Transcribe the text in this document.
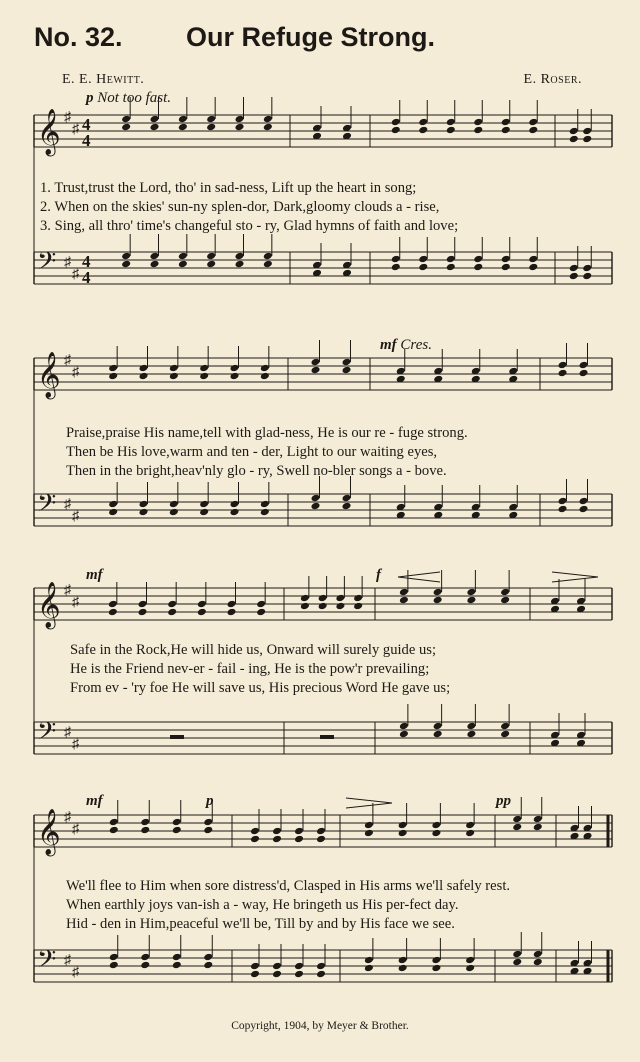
No. 32. Our Refuge Strong.
E. E. Hewitt.	E. Roser.
p Not too fast.
mf Cres.
mf	f
mf	p	pp
1. Trust,trust the Lord, tho' in sad-ness, Lift up the heart in song;
2. When on the skies' sun-ny splen-dor, Dark,gloomy clouds a - rise,
3. Sing, all thro' time's changeful sto - ry, Glad hymns of faith and love;
Praise,praise His name,tell with glad-ness, He is our re - fuge strong.
Then be His love,warm and ten - der, Light to our waiting eyes,
Then in the bright,heav'nly glo - ry, Swell no-bler songs a - bove.
Safe in the Rock,He will hide us, Onward will surely guide us;
He is the Friend nev-er - fail - ing, He is the pow'r prevailing;
From ev - 'ry foe He will save us, His precious Word He gave us;
We'll flee to Him when sore distress'd, Clasped in His arms we'll safely rest.
When earthly joys van-ish a - way, He bringeth us His per-fect day.
Hid - den in Him,peaceful we'll be, Till by and by His face we see.
𝄞 ♯
♯ 4
4
𝄢 ♯
♯
4
4
𝄞 ♯
♯
𝄢 ♯
♯
𝄞 ♯
♯
𝄢 ♯
♯
𝄞 ♯
♯
𝄢 ♯
♯
Copyright, 1904, by Meyer & Brother.
